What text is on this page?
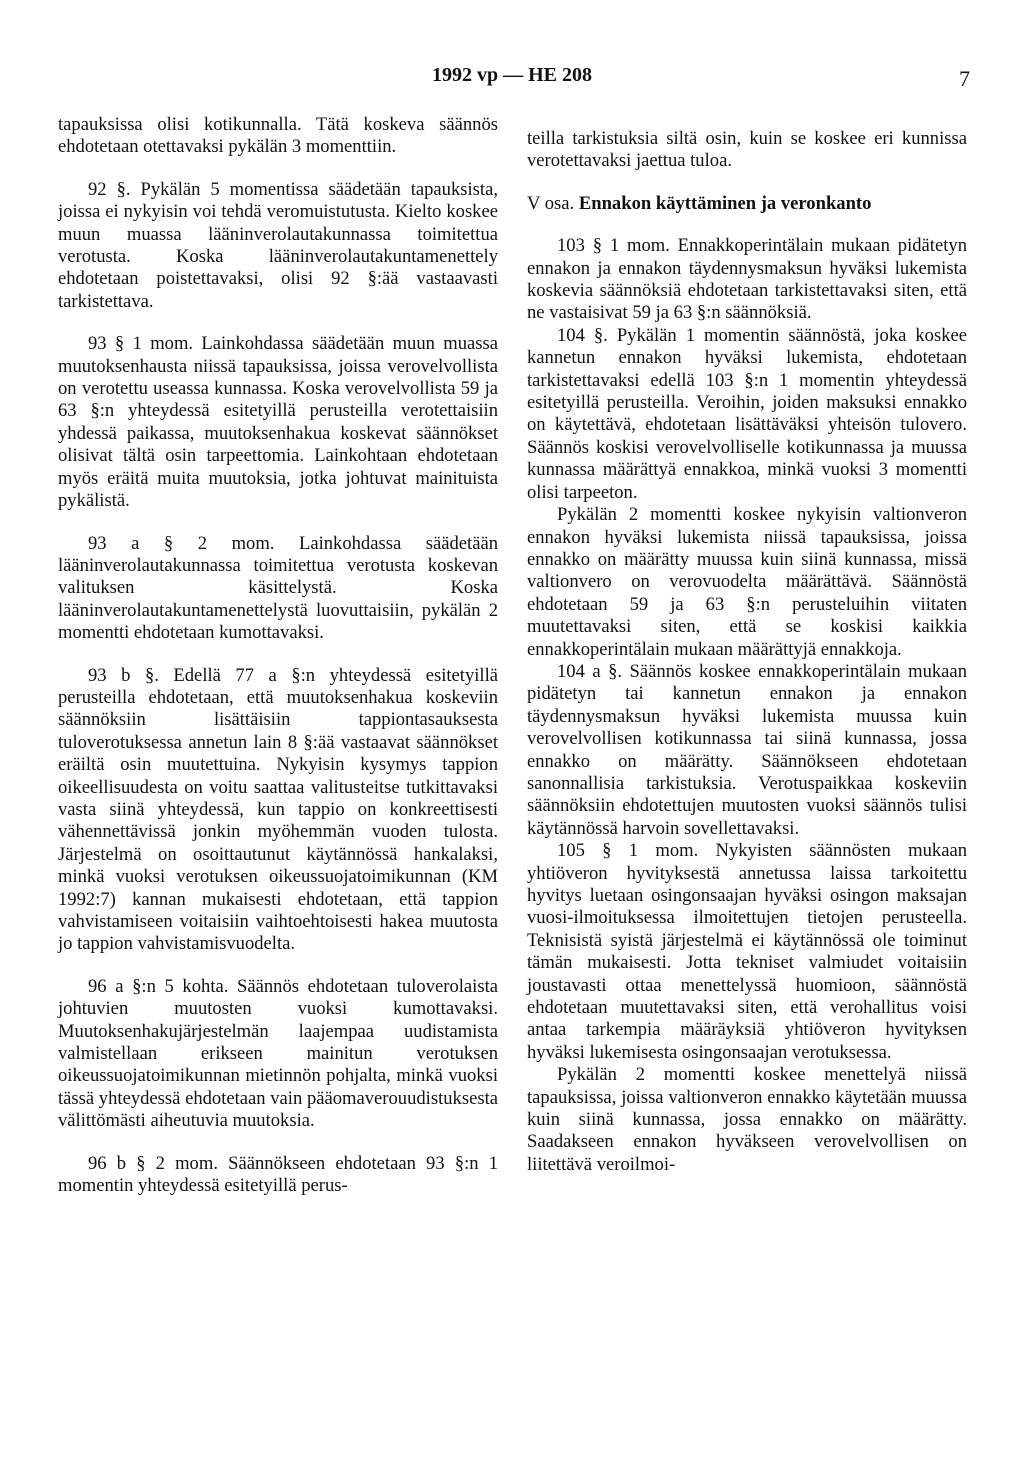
1992 vp — HE 208	7

tapauksissa olisi kotikunnalla. Tätä koskeva säännös ehdotetaan otettavaksi pykälän 3 momenttiin.

92 §. Pykälän 5 momentissa säädetään tapauksista, joissa ei nykyisin voi tehdä veromuistutusta. Kielto koskee muun muassa lääninverolautakunnassa toimitettua verotusta. Koska lääninverolautakuntamenettely ehdotetaan poistettavaksi, olisi 92 §:ää vastaavasti tarkistettava.

93 § 1 mom. Lainkohdassa säädetään muun muassa muutoksenhausta niissä tapauksissa, joissa verovelvollista on verotettu useassa kunnassa. Koska verovelvollista 59 ja 63 §:n yhteydessä esitetyillä perusteilla verotettaisiin yhdessä paikassa, muutoksenhakua koskevat säännökset olisivat tältä osin tarpeettomia. Lainkohtaan ehdotetaan myös eräitä muita muutoksia, jotka johtuvat mainituista pykälistä.

93 a § 2 mom. Lainkohdassa säädetään lääninverolautakunnassa toimitettua verotusta koskevan valituksen käsittelystä. Koska lääninverolautakuntamenettelystä luovuttaisiin, pykälän 2 momentti ehdotetaan kumottavaksi.

93 b §. Edellä 77 a §:n yhteydessä esitetyillä perusteilla ehdotetaan, että muutoksenhakua koskeviin säännöksiin lisättäisiin tappiontasauksesta tuloverotuksessa annetun lain 8 §:ää vastaavat säännökset eräiltä osin muutettuina. Nykyisin kysymys tappion oikeellisuudesta on voitu saattaa valitusteitse tutkittavaksi vasta siinä yhteydessä, kun tappio on konkreettisesti vähennettävissä jonkin myöhemmän vuoden tulosta. Järjestelmä on osoittautunut käytännössä hankalaksi, minkä vuoksi verotuksen oikeussuojatoimikunnan (KM 1992:7) kannan mukaisesti ehdotetaan, että tappion vahvistamiseen voitaisiin vaihtoehtoisesti hakea muutosta jo tappion vahvistamisvuodelta.

96 a §:n 5 kohta. Säännös ehdotetaan tuloverolaista johtuvien muutosten vuoksi kumottavaksi. Muutoksenhakujärjestelmän laajempaa uudistamista valmistellaan erikseen mainitun verotuksen oikeussuojatoimikunnan mietinnön pohjalta, minkä vuoksi tässä yhteydessä ehdotetaan vain pääomaverouudistuksesta välittömästi aiheutuvia muutoksia.

96 b § 2 mom. Säännökseen ehdotetaan 93 §:n 1 momentin yhteydessä esitetyillä perus-

teilla tarkistuksia siltä osin, kuin se koskee eri kunnissa verotettavaksi jaettua tuloa.

V osa. Ennakon käyttäminen ja veronkanto

103 § 1 mom. Ennakkoperintälain mukaan pidätetyn ennakon ja ennakon täydennysmaksun hyväksi lukemista koskevia säännöksiä ehdotetaan tarkistettavaksi siten, että ne vastaisivat 59 ja 63 §:n säännöksiä.

104 §. Pykälän 1 momentin säännöstä, joka koskee kannetun ennakon hyväksi lukemista, ehdotetaan tarkistettavaksi edellä 103 §:n 1 momentin yhteydessä esitetyillä perusteilla. Veroihin, joiden maksuksi ennakko on käytettävä, ehdotetaan lisättäväksi yhteisön tulovero. Säännös koskisi verovelvolliselle kotikunnassa ja muussa kunnassa määrättyä ennakkoa, minkä vuoksi 3 momentti olisi tarpeeton.

Pykälän 2 momentti koskee nykyisin valtionveron ennakon hyväksi lukemista niissä tapauksissa, joissa ennakko on määrätty muussa kuin siinä kunnassa, missä valtionvero on verovuodelta määrättävä. Säännöstä ehdotetaan 59 ja 63 §:n perusteluihin viitaten muutettavaksi siten, että se koskisi kaikkia ennakkoperintälain mukaan määrättyjä ennakkoja.

104 a §. Säännös koskee ennakkoperintälain mukaan pidätetyn tai kannetun ennakon ja ennakon täydennysmaksun hyväksi lukemista muussa kuin verovelvollisen kotikunnassa tai siinä kunnassa, jossa ennakko on määrätty. Säännökseen ehdotetaan sanonnallisia tarkistuksia. Verotuspaikkaa koskeviin säännöksiin ehdotettujen muutosten vuoksi säännös tulisi käytännössä harvoin sovellettavaksi.

105 § 1 mom. Nykyisten säännösten mukaan yhtiöveron hyvityksestä annetussa laissa tarkoitettu hyvitys luetaan osingonsaajan hyväksi osingon maksajan vuosi-ilmoituksessa ilmoitettujen tietojen perusteella. Teknisistä syistä järjestelmä ei käytännössä ole toiminut tämän mukaisesti. Jotta tekniset valmiudet voitaisiin joustavasti ottaa menettelyssä huomioon, säännöstä ehdotetaan muutettavaksi siten, että verohallitus voisi antaa tarkempia määräyksiä yhtiöveron hyvityksen hyväksi lukemisesta osingonsaajan verotuksessa.

Pykälän 2 momentti koskee menettelyä niissä tapauksissa, joissa valtionveron ennakko käytetään muussa kuin siinä kunnassa, jossa ennakko on määrätty. Saadakseen ennakon hyväkseen verovelvollisen on liitettävä veroilmoi-
